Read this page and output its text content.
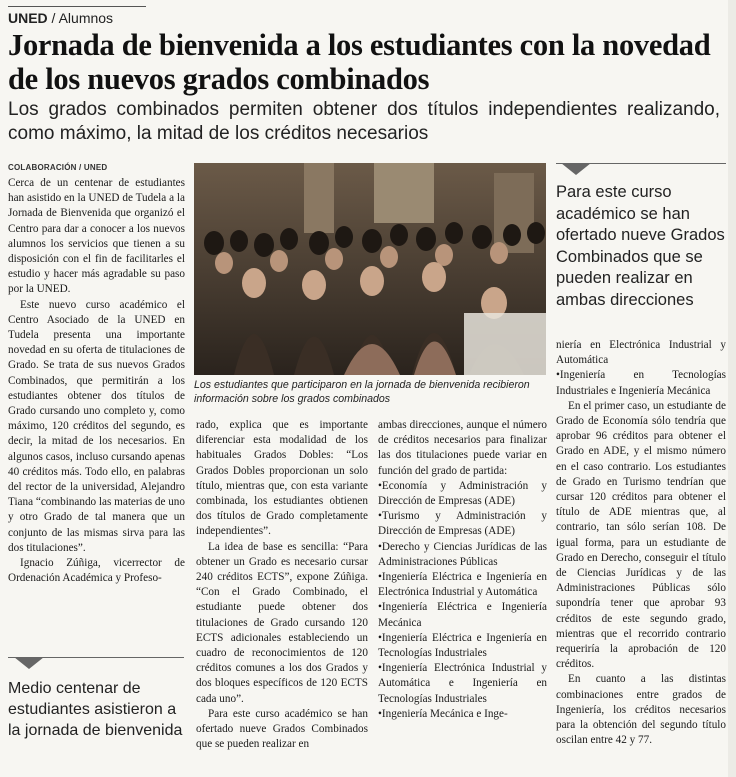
UNED / Alumnos
Jornada de bienvenida a los estudiantes con la novedad de los nuevos grados combinados

Los grados combinados permiten obtener dos títulos independientes realizando, como máximo, la mitad de los créditos necesarios

COLABORACIÓN / UNED

Cerca de un centenar de estudiantes han asistido en la UNED de Tudela a la Jornada de Bienvenida que organizó el Centro para dar a conocer a los nuevos alumnos los servicios que tienen a su disposición con el fin de facilitarles el estudio y hacer más agradable su paso por la UNED.

Este nuevo curso académico el Centro Asociado de la UNED en Tudela presenta una importante novedad en su oferta de titulaciones de Grado. Se trata de sus nuevos Grados Combinados, que permitirán a los estudiantes obtener dos títulos de Grado cursando uno completo y, como máximo, 120 créditos del segundo, es decir, la mitad de los necesarios. En algunos casos, incluso cursando apenas 40 créditos más. Todo ello, en palabras del rector de la universidad, Alejandro Tiana “combinando las materias de uno y otro Grado de tal manera que un conjunto de las mismas sirva para las dos titulaciones”.

Ignacio Zúñiga, vicerrector de Ordenación Académica y Profeso-

Los estudiantes que participaron en la jornada de bienvenida recibieron información sobre los grados combinados
Para este curso académico se han ofertado nueve Grados Combinados que se pueden realizar en ambas direcciones

rado, explica que es importante diferenciar esta modalidad de los habituales Grados Dobles: “Los Grados Dobles proporcionan un solo título, mientras que, con esta variante combinada, los estudiantes obtienen dos títulos de Grado completamente independientes”.

La idea de base es sencilla: “Para obtener un Grado es necesario cursar 240 créditos ECTS”, expone Zúñiga. “Con el Grado Combinado, el estudiante puede obtener dos titulaciones de Grado cursando 120 ECTS adicionales estableciendo un cuadro de reconocimientos de 120 créditos comunes a los dos Grados y dos bloques específicos de 120 ECTS cada uno”.

Para este curso académico se han ofertado nueve Grados Combinados que se pueden realizar en

ambas direcciones, aunque el número de créditos necesarios para finalizar las dos titulaciones puede variar en función del grado de partida:

•Economía y Administración y Dirección de Empresas (ADE)

•Turismo y Administración y Dirección de Empresas (ADE)

•Derecho y Ciencias Jurídicas de las Administraciones Públicas

•Ingeniería Eléctrica e Ingeniería en Electrónica Industrial y Automática

•Ingeniería Eléctrica e Ingeniería Mecánica

•Ingeniería Eléctrica e Ingeniería en Tecnologías Industriales

•Ingeniería Electrónica Industrial y Automática e Ingeniería en Tecnologías Industriales

•Ingeniería Mecánica e Inge-

niería en Electrónica Industrial y Automática

•Ingeniería en Tecnologías Industriales e Ingeniería Mecánica

En el primer caso, un estudiante de Grado de Economía sólo tendría que aprobar 96 créditos para obtener el Grado en ADE, y el mismo número en el caso contrario. Los estudiantes de Grado en Turismo tendrían que cursar 120 créditos para obtener el título de ADE mientras que, al contrario, tan sólo serían 108. De igual forma, para un estudiante de Grado en Derecho, conseguir el título de Ciencias Jurídicas y de las Administraciones Públicas sólo supondría tener que aprobar 93 créditos de este segundo grado, mientras que el recorrido contrario requeriría la aprobación de 120 créditos.

En cuanto a las distintas combinaciones entre grados de Ingeniería, los créditos necesarios para la obtención del segundo título oscilan entre 42 y 77.

Medio centenar de estudiantes asistieron a la jornada de bienvenida
